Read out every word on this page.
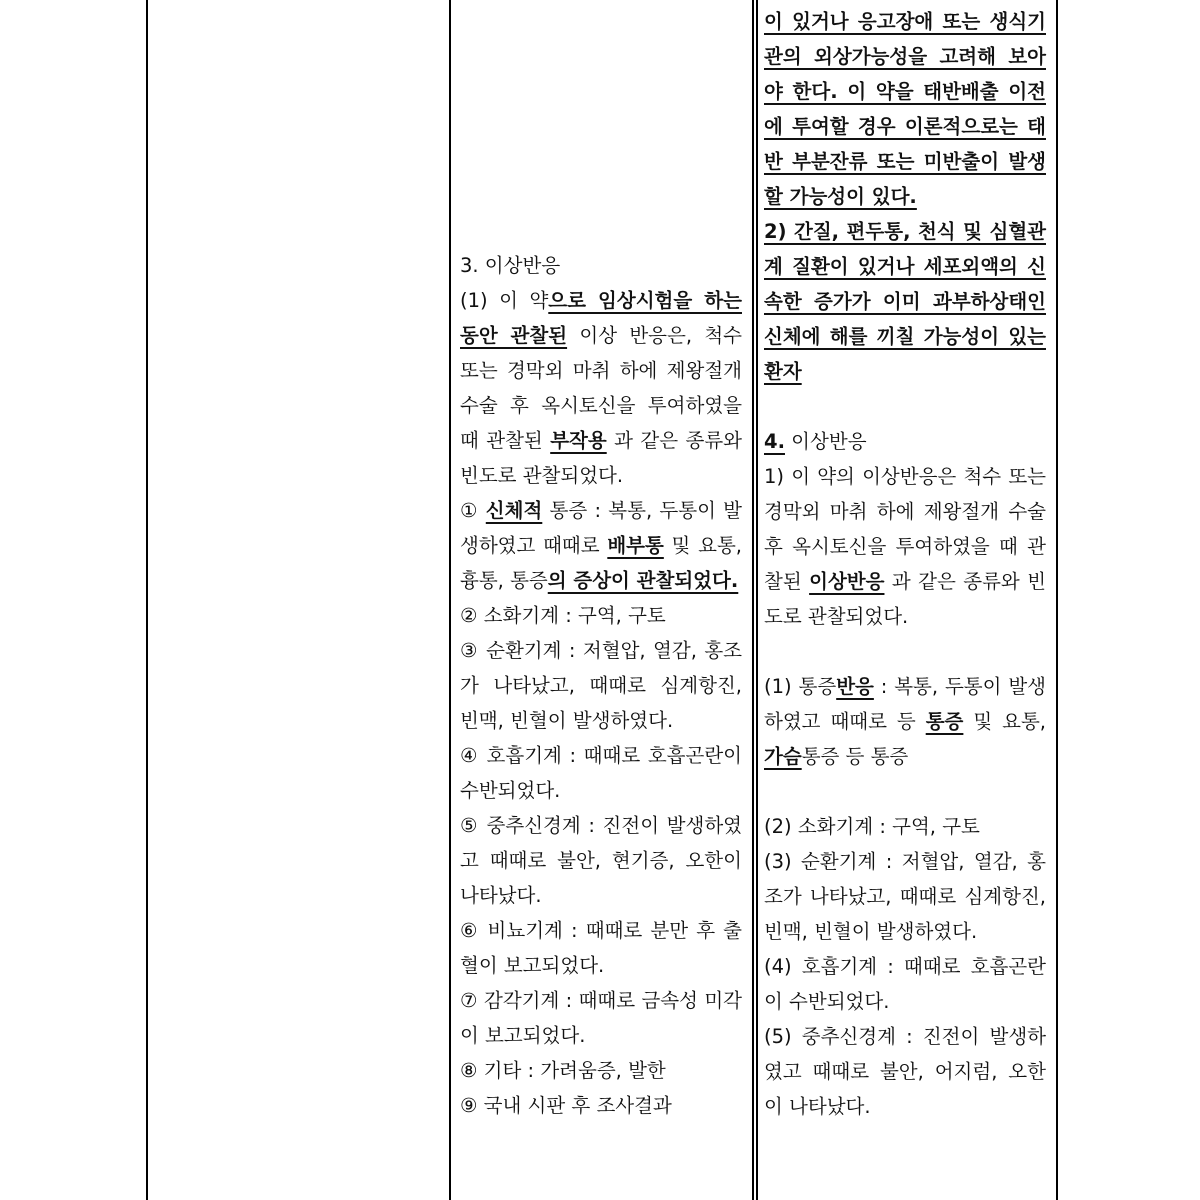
3. 이상반응

(1) 이 약으로 임상시험을 하는 동안 관찰된 이상 반응은, 척수 또는 경막외 마취 하에 제왕절개 수술 후 옥시토신을 투여하였을 때 관찰된 부작용 과 같은 종류와 빈도로 관찰되었다.

① 신체적 통증 : 복통, 두통이 발생하였고 때때로 배부통 및 요통, 흉통, 통증의 증상이 관찰되었다.

② 소화기계 : 구역, 구토

③ 순환기계 : 저혈압, 열감, 홍조가 나타났고, 때때로 심계항진, 빈맥, 빈혈이 발생하였다.

④ 호흡기계 : 때때로 호흡곤란이 수반되었다.

⑤ 중추신경계 : 진전이 발생하였고 때때로 불안, 현기증, 오한이 나타났다.

⑥ 비뇨기계 : 때때로 분만 후 출혈이 보고되었다.

⑦ 감각기계 : 때때로 금속성 미각이 보고되었다.

⑧ 기타 : 가려움증, 발한

⑨ 국내 시판 후 조사결과

이 있거나 응고장애 또는 생식기관의 외상가능성을 고려해 보아야 한다. 이 약을 태반배출 이전에 투여할 경우 이론적으로는 태반 부분잔류 또는 미반출이 발생할 가능성이 있다.

2) 간질, 편두통, 천식 및 심혈관계 질환이 있거나 세포외액의 신속한 증가가 이미 과부하상태인 신체에 해를 끼칠 가능성이 있는 환자

4. 이상반응

1) 이 약의 이상반응은 척수 또는 경막외 마취 하에 제왕절개 수술 후 옥시토신을 투여하였을 때 관찰된 이상반응 과 같은 종류와 빈도로 관찰되었다.

(1) 통증반응 : 복통, 두통이 발생하였고 때때로 등 통증 및 요통, 가슴통증 등 통증

(2) 소화기계 : 구역, 구토

(3) 순환기계 : 저혈압, 열감, 홍조가 나타났고, 때때로 심계항진, 빈맥, 빈혈이 발생하였다.

(4) 호흡기계 : 때때로 호흡곤란이 수반되었다.

(5) 중추신경계 : 진전이 발생하였고 때때로 불안, 어지럼, 오한이 나타났다.
